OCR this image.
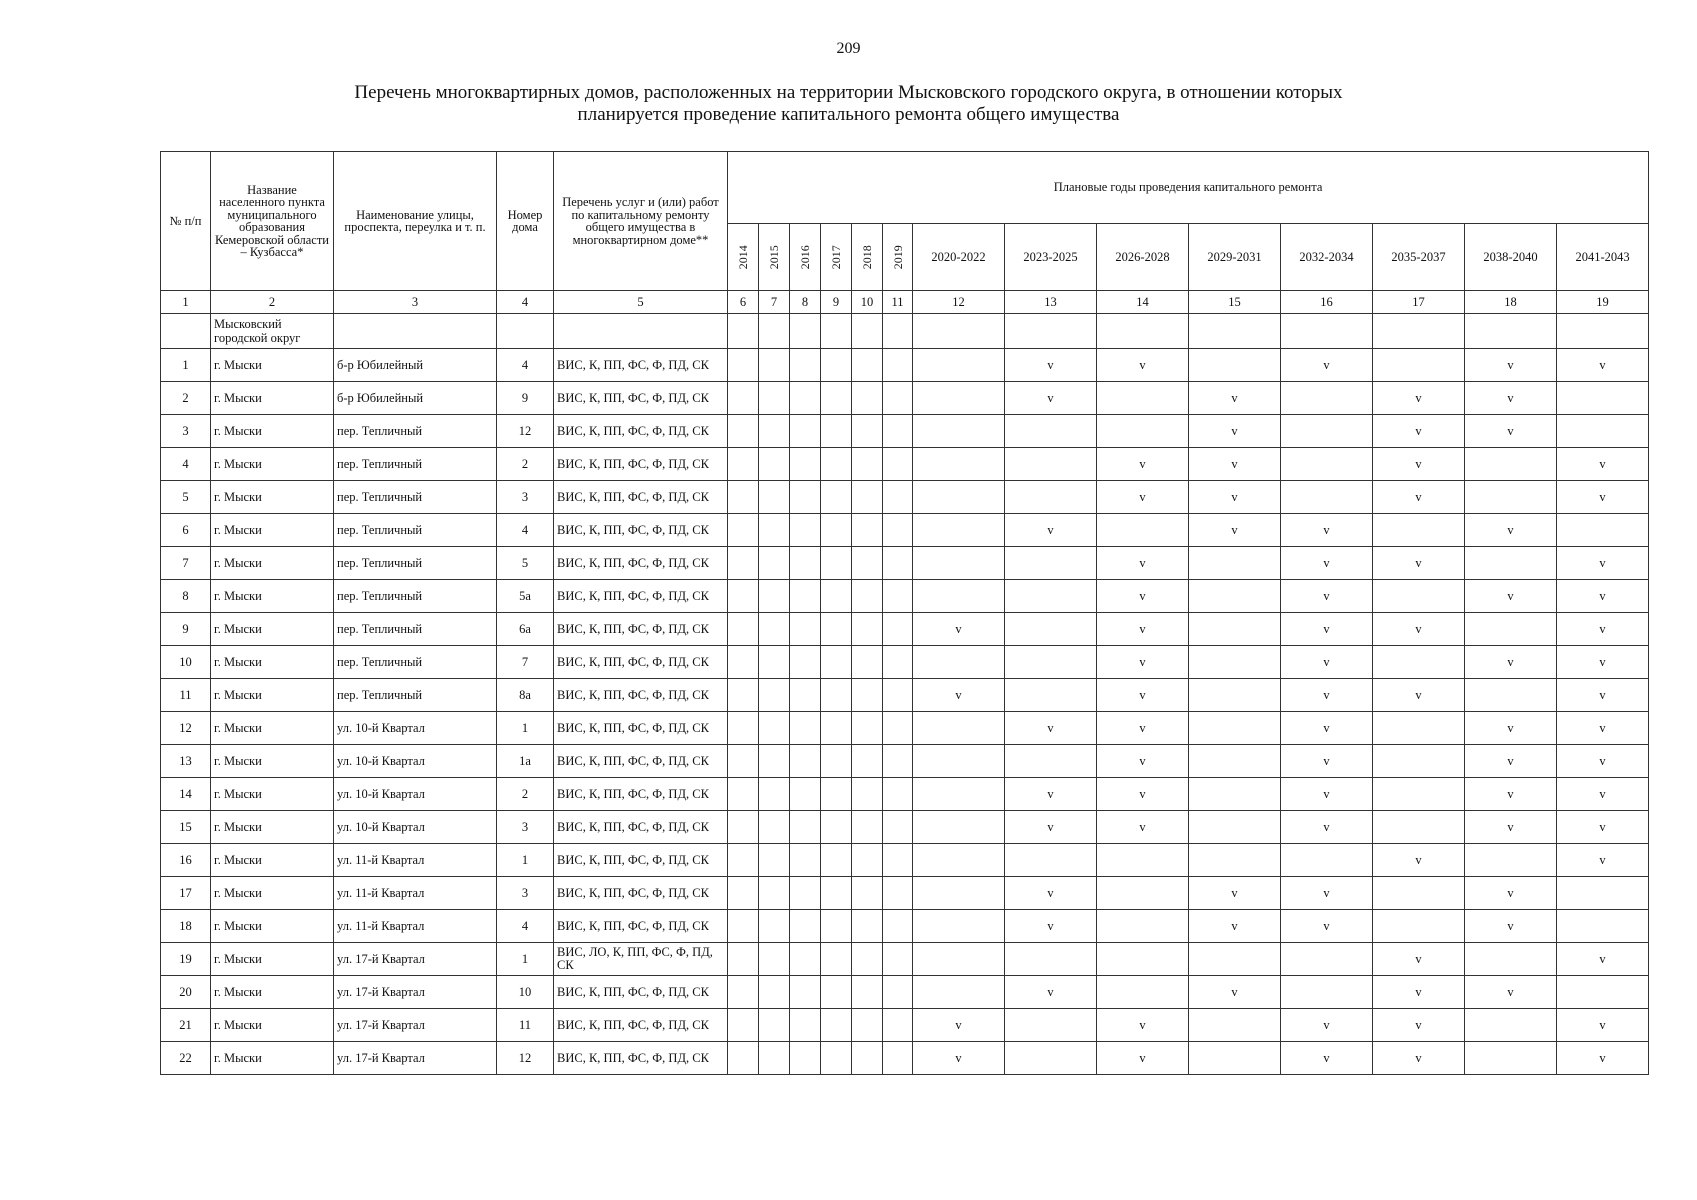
209
Перечень многоквартирных домов, расположенных на территории Мысковского городского округа, в отношении которых
планируется проведение капитального ремонта общего имущества
№ п/п	Название населенного пункта муниципального образования Кемеровской области – Кузбасса*	Наименование улицы, проспекта, переулка и т. п.	Номер дома	Перечень услуг и (или) работ по капитальному ремонту общего имущества в многоквартирном доме**	Плановые годы проведения капитального ремонта													
					2014	2015	2016	2017	2018	2019	2020-2022	2023-2025	2026-2028	2029-2031	2032-2034	2035-2037	2038-2040	2041-2043
1	2	3	4	5	6	7	8	9	10	11	12	13	14	15	16	17	18	19
	Мысковский городской округ																	
1	г. Мыски	б-р Юбилейный	4	ВИС, К, ПП, ФС, Ф, ПД, СК								v	v		v		v	v
2	г. Мыски	б-р Юбилейный	9	ВИС, К, ПП, ФС, Ф, ПД, СК								v		v		v	v	
3	г. Мыски	пер. Тепличный	12	ВИС, К, ПП, ФС, Ф, ПД, СК										v		v	v	
4	г. Мыски	пер. Тепличный	2	ВИС, К, ПП, ФС, Ф, ПД, СК									v	v		v		v
5	г. Мыски	пер. Тепличный	3	ВИС, К, ПП, ФС, Ф, ПД, СК									v	v		v		v
6	г. Мыски	пер. Тепличный	4	ВИС, К, ПП, ФС, Ф, ПД, СК								v		v	v		v	
7	г. Мыски	пер. Тепличный	5	ВИС, К, ПП, ФС, Ф, ПД, СК									v		v	v		v
8	г. Мыски	пер. Тепличный	5а	ВИС, К, ПП, ФС, Ф, ПД, СК									v		v		v	v
9	г. Мыски	пер. Тепличный	6а	ВИС, К, ПП, ФС, Ф, ПД, СК							v		v		v	v		v
10	г. Мыски	пер. Тепличный	7	ВИС, К, ПП, ФС, Ф, ПД, СК									v		v		v	v
11	г. Мыски	пер. Тепличный	8а	ВИС, К, ПП, ФС, Ф, ПД, СК							v		v		v	v		v
12	г. Мыски	ул. 10-й Квартал	1	ВИС, К, ПП, ФС, Ф, ПД, СК								v	v		v		v	v
13	г. Мыски	ул. 10-й Квартал	1а	ВИС, К, ПП, ФС, Ф, ПД, СК									v		v		v	v
14	г. Мыски	ул. 10-й Квартал	2	ВИС, К, ПП, ФС, Ф, ПД, СК								v	v		v		v	v
15	г. Мыски	ул. 10-й Квартал	3	ВИС, К, ПП, ФС, Ф, ПД, СК								v	v		v		v	v
16	г. Мыски	ул. 11-й Квартал	1	ВИС, К, ПП, ФС, Ф, ПД, СК												v		v
17	г. Мыски	ул. 11-й Квартал	3	ВИС, К, ПП, ФС, Ф, ПД, СК								v		v	v		v	
18	г. Мыски	ул. 11-й Квартал	4	ВИС, К, ПП, ФС, Ф, ПД, СК								v		v	v		v	
19	г. Мыски	ул. 17-й Квартал	1	ВИС, ЛО, К, ПП, ФС, Ф, ПД, СК												v		v
20	г. Мыски	ул. 17-й Квартал	10	ВИС, К, ПП, ФС, Ф, ПД, СК								v		v		v	v	
21	г. Мыски	ул. 17-й Квартал	11	ВИС, К, ПП, ФС, Ф, ПД, СК							v		v		v	v		v
22	г. Мыски	ул. 17-й Квартал	12	ВИС, К, ПП, ФС, Ф, ПД, СК							v		v		v	v		v
